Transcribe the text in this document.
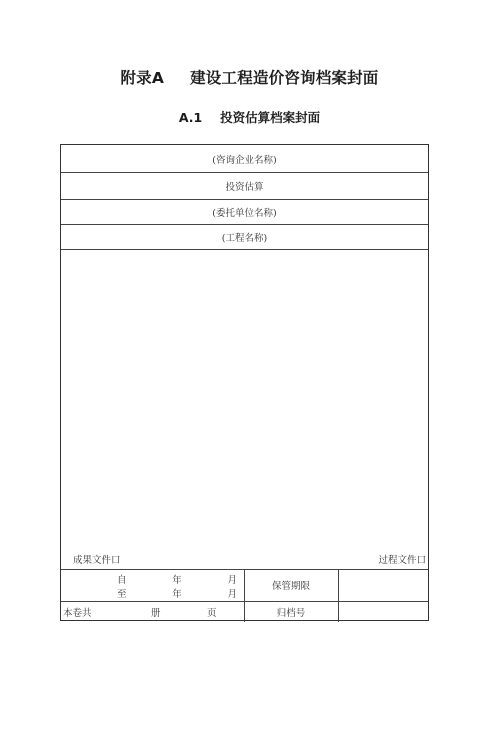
附录A 建设工程造价咨询档案封面
A.1 投资估算档案封面
(咨询企业名称)
投资估算
(委托单位名称)
(工程名称)
成果文件口	过程文件口
自	年	月
至	年	月
保管期限
本卷共	册	页	归档号
